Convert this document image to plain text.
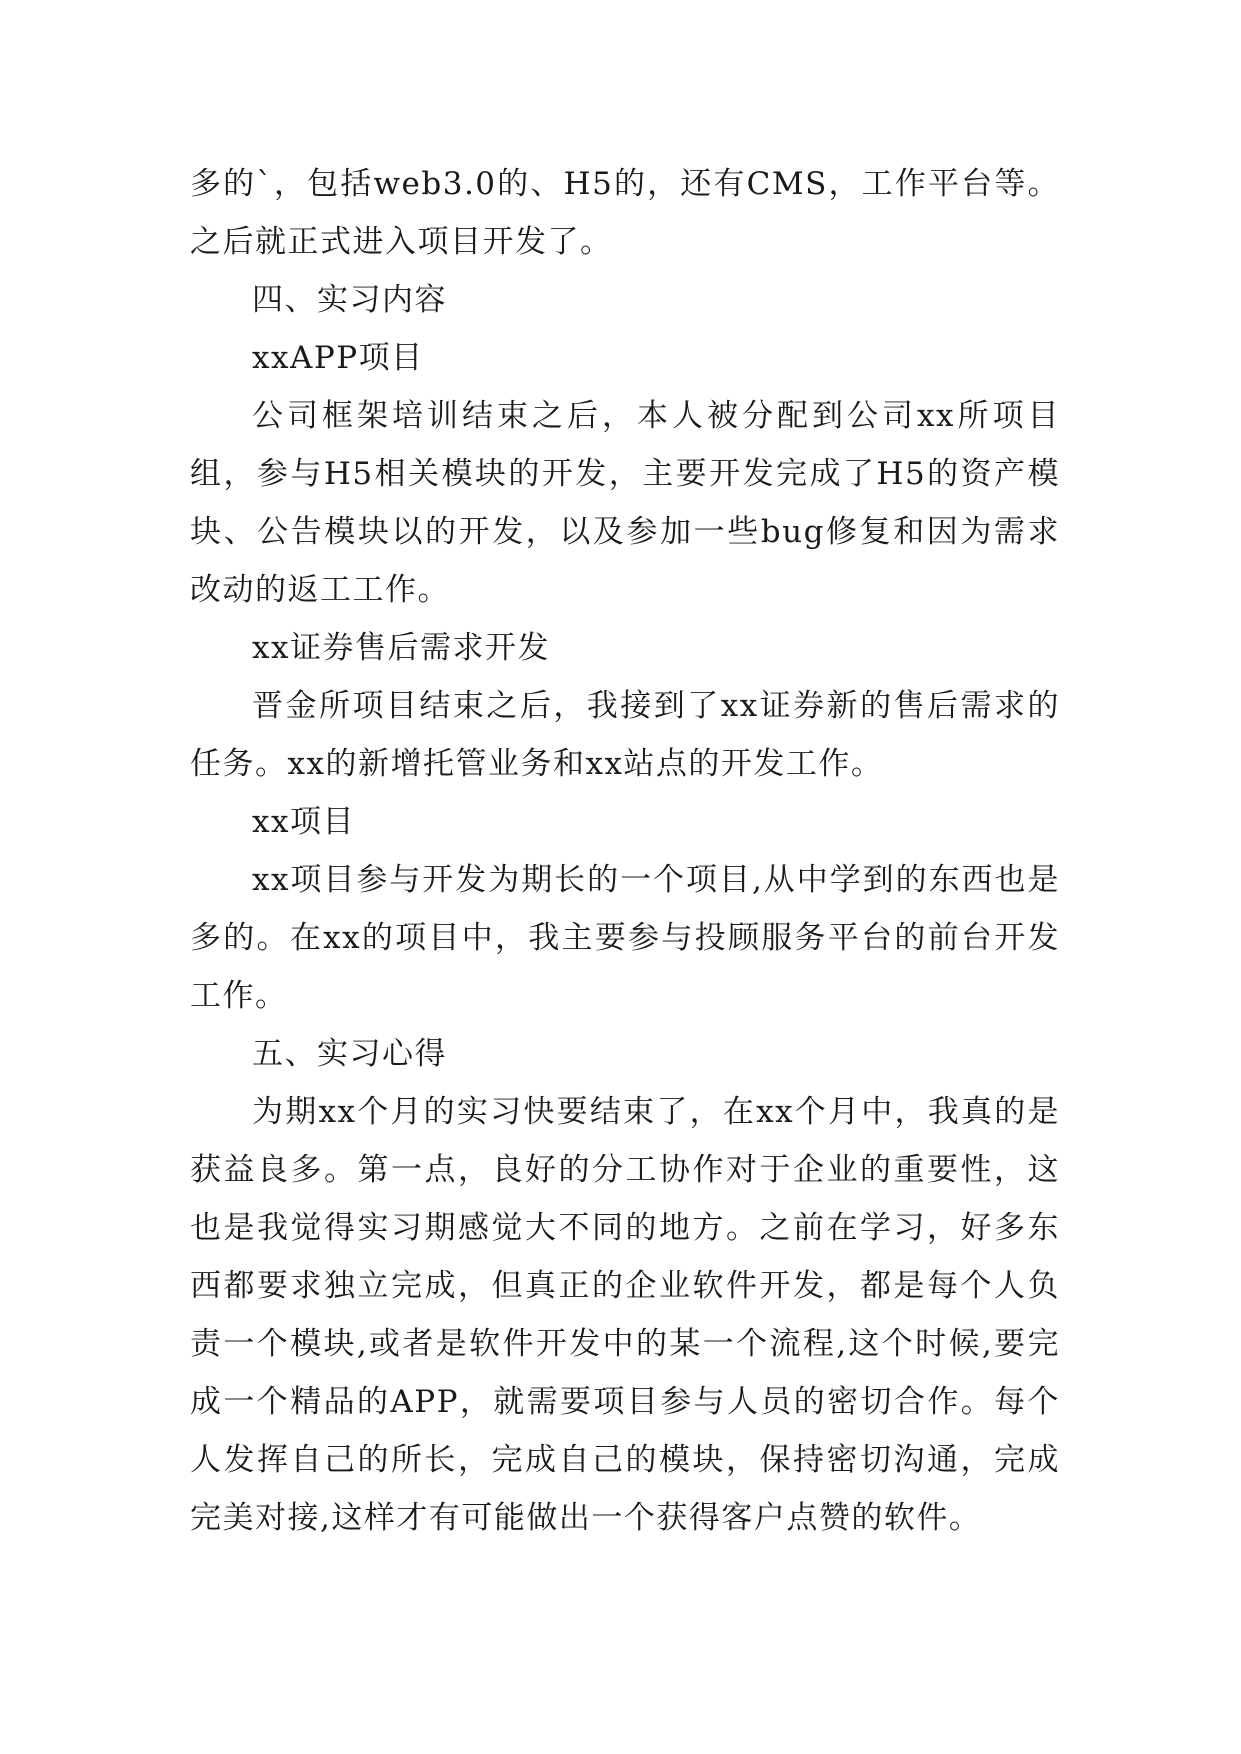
多的`，包括web3.0的、H5的，还有CMS，工作平台等。之后就正式进入项目开发了。

四、实习内容

xxAPP项目

公司框架培训结束之后，本人被分配到公司xx所项目组，参与H5相关模块的开发，主要开发完成了H5的资产模块、公告模块以的开发，以及参加一些bug修复和因为需求改动的返工工作。

xx证券售后需求开发

晋金所项目结束之后，我接到了xx证券新的售后需求的任务。xx的新增托管业务和xx站点的开发工作。

xx项目

xx项目参与开发为期长的一个项目,从中学到的东西也是多的。在xx的项目中，我主要参与投顾服务平台的前台开发工作。

五、实习心得

为期xx个月的实习快要结束了，在xx个月中，我真的是获益良多。第一点，良好的分工协作对于企业的重要性，这也是我觉得实习期感觉大不同的地方。之前在学习，好多东西都要求独立完成，但真正的企业软件开发，都是每个人负责一个模块,或者是软件开发中的某一个流程,这个时候,要完成一个精品的APP，就需要项目参与人员的密切合作。每个人发挥自己的所长，完成自己的模块，保持密切沟通，完成完美对接,这样才有可能做出一个获得客户点赞的软件。
